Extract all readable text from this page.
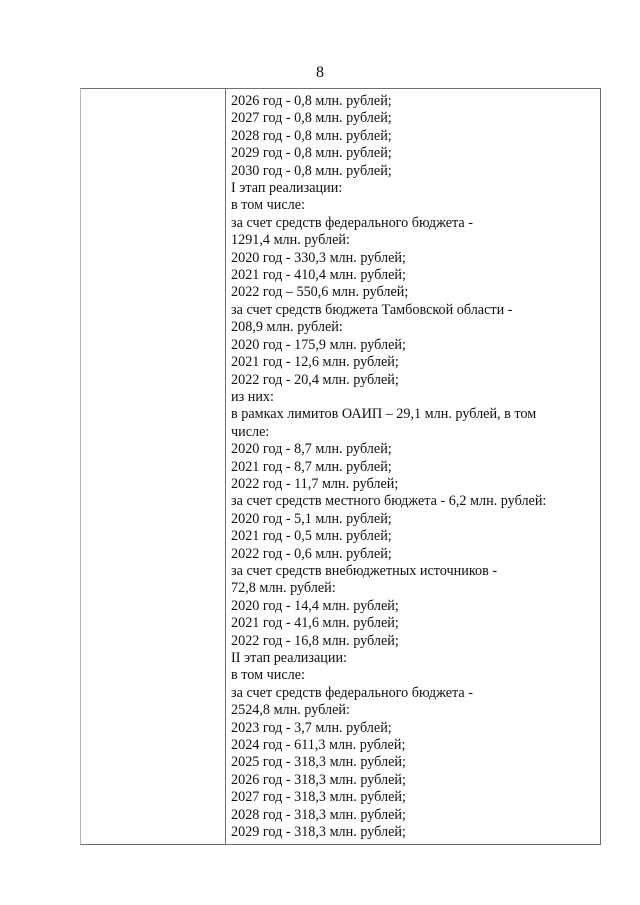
8
2026 год - 0,8 млн. рублей;
2027 год - 0,8 млн. рублей;
2028 год - 0,8 млн. рублей;
2029 год - 0,8 млн. рублей;
2030 год - 0,8 млн. рублей;
I этап реализации:
в том числе:
за счет средств федерального бюджета -
1291,4 млн. рублей:
2020 год - 330,3 млн. рублей;
2021 год - 410,4 млн. рублей;
2022 год – 550,6 млн. рублей;
за счет средств бюджета Тамбовской области -
208,9 млн. рублей:
2020 год - 175,9 млн. рублей;
2021 год - 12,6 млн. рублей;
2022 год - 20,4 млн. рублей;
из них:
в рамках лимитов ОАИП – 29,1 млн. рублей, в том
числе:
2020 год - 8,7 млн. рублей;
2021 год - 8,7 млн. рублей;
2022 год - 11,7 млн. рублей;
за счет средств местного бюджета - 6,2 млн. рублей:
2020 год - 5,1 млн. рублей;
2021 год - 0,5 млн. рублей;
2022 год - 0,6 млн. рублей;
за счет средств внебюджетных источников -
72,8 млн. рублей:
2020 год - 14,4 млн. рублей;
2021 год - 41,6 млн. рублей;
2022 год - 16,8 млн. рублей;
II этап реализации:
в том числе:
за счет средств федерального бюджета -
2524,8 млн. рублей:
2023 год - 3,7 млн. рублей;
2024 год - 611,3 млн. рублей;
2025 год - 318,3 млн. рублей;
2026 год - 318,3 млн. рублей;
2027 год - 318,3 млн. рублей;
2028 год - 318,3 млн. рублей;
2029 год - 318,3 млн. рублей;
